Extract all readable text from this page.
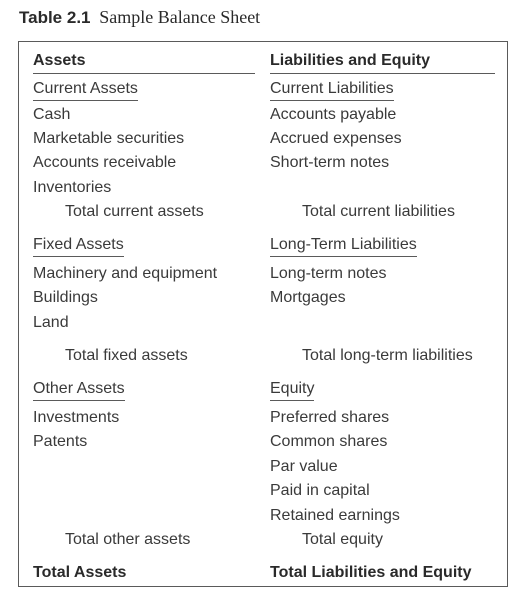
Table 2.1 Sample Balance Sheet
Assets
Current Assets
Cash
Marketable securities
Accounts receivable
Inventories
Total current assets
Fixed Assets
Machinery and equipment
Buildings
Land
Total fixed assets
Other Assets
Investments
Patents
Total other assets
Total Assets
Liabilities and Equity
Current Liabilities
Accounts payable
Accrued expenses
Short-term notes
Total current liabilities
Long-Term Liabilities
Long-term notes
Mortgages
Total long-term liabilities
Equity
Preferred shares
Common shares
Par value
Paid in capital
Retained earnings
Total equity
Total Liabilities and Equity
